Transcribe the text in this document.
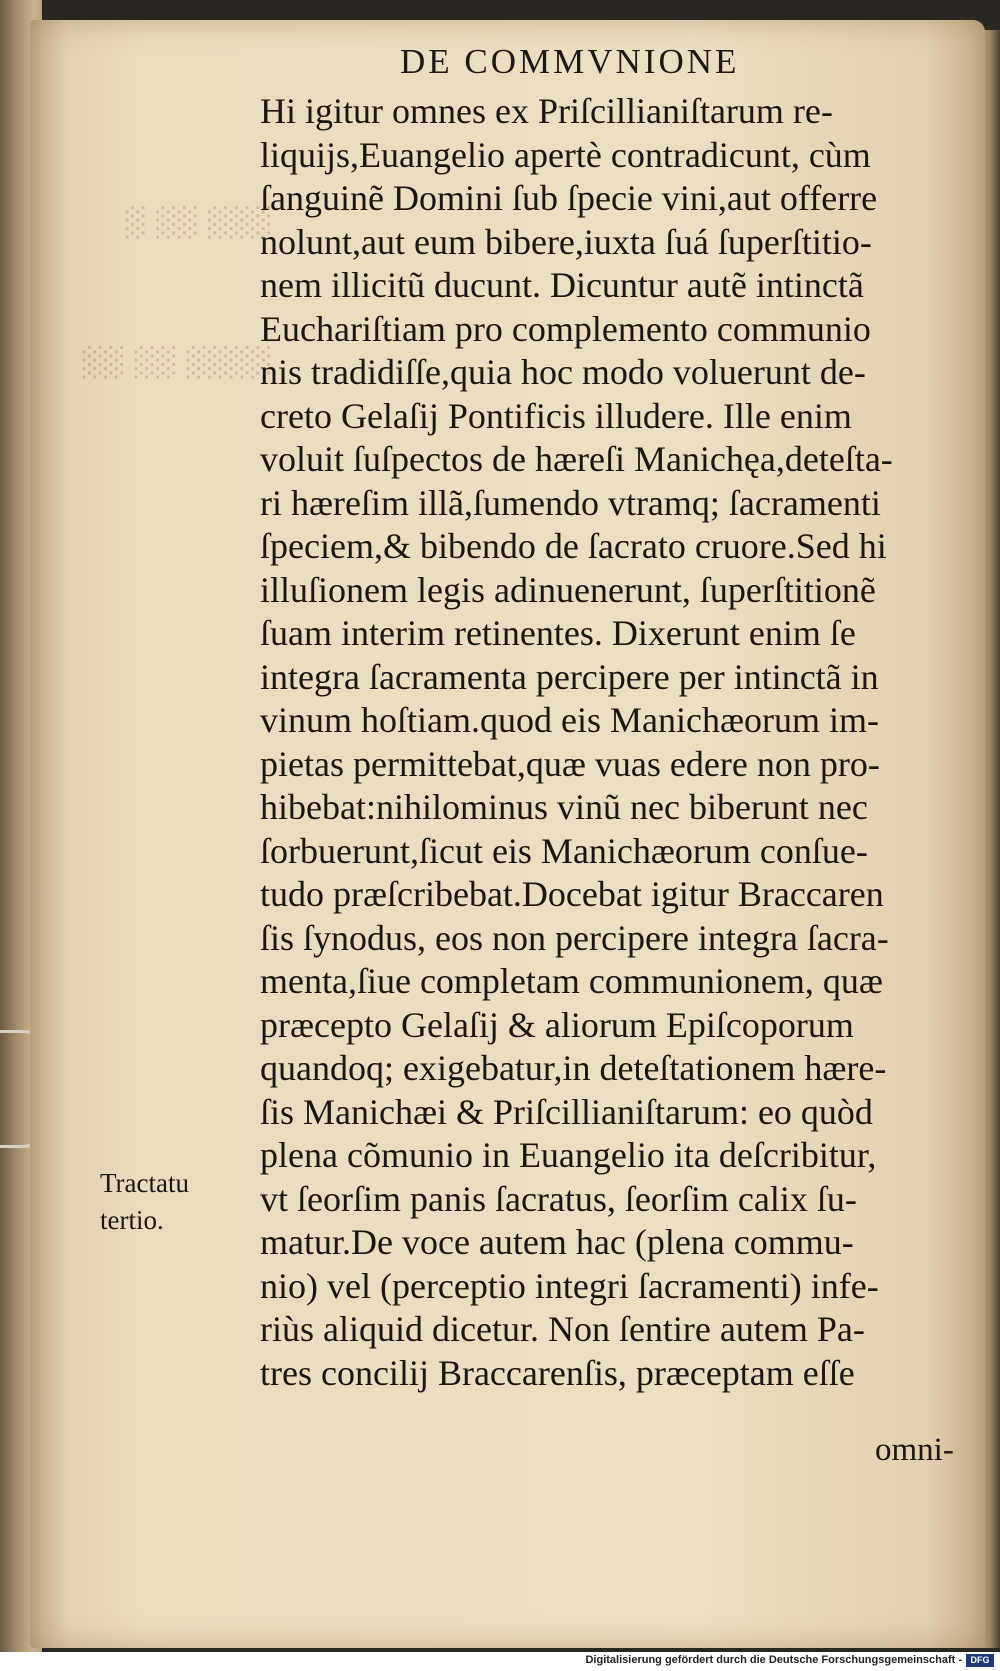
░░░ ░░ ░
░░░░ ░░ ░░
DE COMMVNIONE
Hi igitur omnes ex Priſcillianiſtarum re-
liquijs,Euangelio apertè contradicunt, cùm
ſanguinẽ Domini ſub ſpecie vini,aut offerre
nolunt,aut eum bibere,iuxta ſuá ſuperſtitio-
nem illicitũ ducunt. Dicuntur autẽ intinctã
Euchariſtiam pro complemento communio
nis tradidiſſe,quia hoc modo voluerunt de-
creto Gelaſij Pontificis illudere. Ille enim
voluit ſuſpectos de hæreſi Manichęa,deteſta-
ri hæreſim illã,ſumendo vtramq; ſacramenti
ſpeciem,& bibendo de ſacrato cruore.Sed hi
illuſionem legis adinuenerunt, ſuperſtitionẽ
ſuam interim retinentes. Dixerunt enim ſe
integra ſacramenta percipere per intinctã in
vinum hoſtiam.quod eis Manichæorum im-
pietas permittebat,quæ vuas edere non pro-
hibebat:nihilominus vinũ nec biberunt nec
ſorbuerunt,ſicut eis Manichæorum conſue-
tudo præſcribebat.Docebat igitur Braccaren
ſis ſynodus, eos non percipere integra ſacra-
menta,ſiue completam communionem, quæ
præcepto Gelaſij & aliorum Epiſcoporum
quandoq; exigebatur,in deteſtationem hære-
ſis Manichæi & Priſcillianiſtarum: eo quòd
plena cõmunio in Euangelio ita deſcribitur,
vt ſeorſim panis ſacratus, ſeorſim calix ſu-
matur.De voce autem hac (plena commu-
nio) vel (perceptio integri ſacramenti) infe-
riùs aliquid dicetur. Non ſentire autem Pa-
tres concilij Braccarenſis, præceptam eſſe
Tractatu
tertio.
omni-
Digitalisierung gefördert durch die Deutsche Forschungsgemeinschaft - DFG
